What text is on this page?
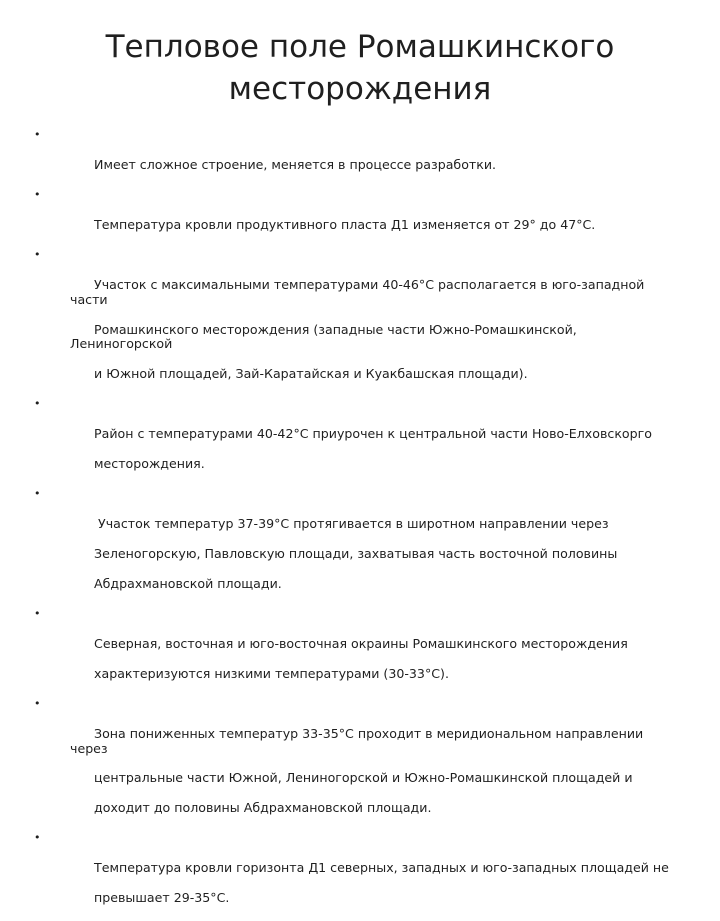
Тепловое поле Ромашкинского
месторождения

•

Имеет сложное строение, меняется в процессе разработки.

•

Температура кровли продуктивного пласта Д1 изменяется от 29° до 47°С.

•

Участок с максимальными температурами 40-46°С располагается в юго-западной части

Ромашкинского месторождения (западные части Южно-Ромашкинской, Лениногорской

и Южной площадей, Зай-Каратайская и Куакбашская площади).

•

Район с температурами 40-42°С приурочен к центральной части Ново-Елховскорго

месторождения.

•

Участок температур 37-39°С протягивается в широтном направлении через

Зеленогорскую, Павловскую площади, захватывая часть восточной половины

Абдрахмановской площади.

•

Северная, восточная и юго-восточная окраины Ромашкинского месторождения

характеризуются низкими температурами (30-33°С).

•

Зона пониженных температур 33-35°С проходит в меридиональном направлении через

центральные части Южной, Лениногорской и Южно-Ромашкинской площадей и

доходит до половины Абдрахмановской площади.

•

Температура кровли горизонта Д1 северных, западных и юго-западных площадей не

превышает 29-35°С.
